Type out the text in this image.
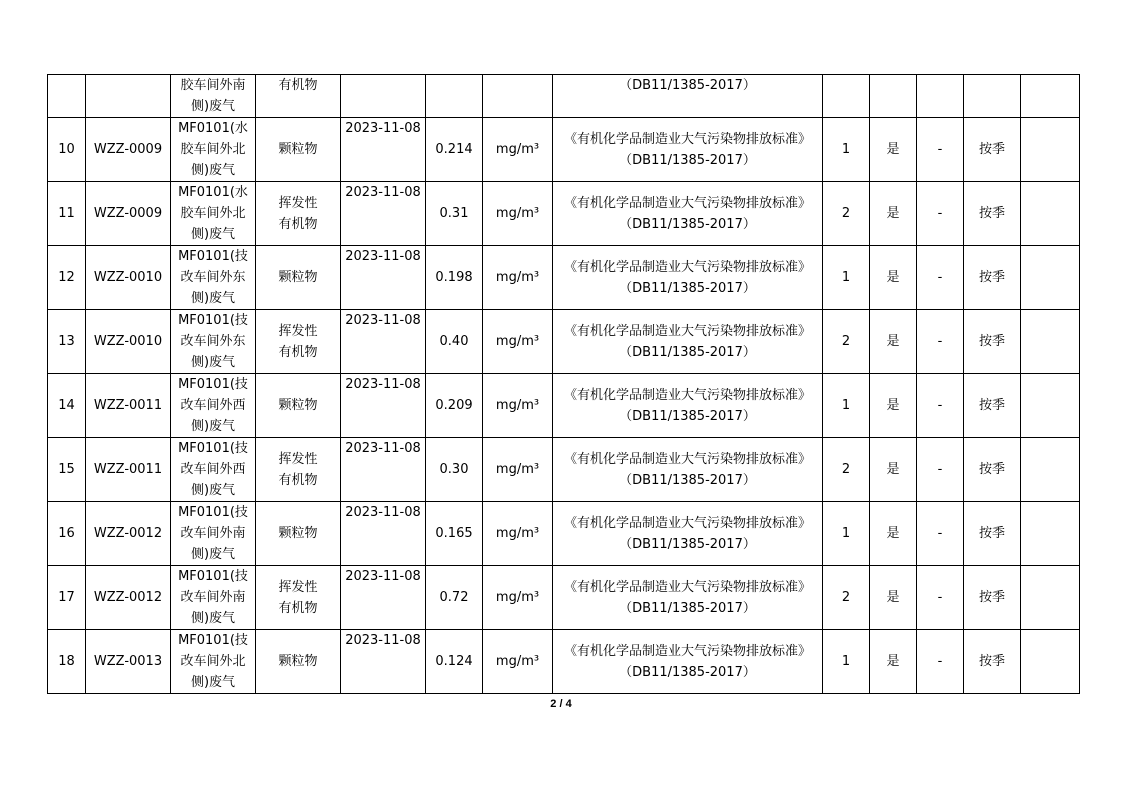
		胶车间外南侧)废气	有机物				（DB11/1385-2017）					

10	WZZ-0009	MF0101(水胶车间外北侧)废气	颗粒物	2023-11-08	0.214	mg/m³	《有机化学品制造业大气污染物排放标准》
（DB11/1385-2017）	1	是	-	按季	
11	WZZ-0009	MF0101(水胶车间外北侧)废气	挥发性有机物	2023-11-08	0.31	mg/m³	《有机化学品制造业大气污染物排放标准》
（DB11/1385-2017）	2	是	-	按季	
12	WZZ-0010	MF0101(技改车间外东侧)废气	颗粒物	2023-11-08	0.198	mg/m³	《有机化学品制造业大气污染物排放标准》
（DB11/1385-2017）	1	是	-	按季	
13	WZZ-0010	MF0101(技改车间外东侧)废气	挥发性有机物	2023-11-08	0.40	mg/m³	《有机化学品制造业大气污染物排放标准》
（DB11/1385-2017）	2	是	-	按季	
14	WZZ-0011	MF0101(技改车间外西侧)废气	颗粒物	2023-11-08	0.209	mg/m³	《有机化学品制造业大气污染物排放标准》
（DB11/1385-2017）	1	是	-	按季	
15	WZZ-0011	MF0101(技改车间外西侧)废气	挥发性有机物	2023-11-08	0.30	mg/m³	《有机化学品制造业大气污染物排放标准》
（DB11/1385-2017）	2	是	-	按季	
16	WZZ-0012	MF0101(技改车间外南侧)废气	颗粒物	2023-11-08	0.165	mg/m³	《有机化学品制造业大气污染物排放标准》
（DB11/1385-2017）	1	是	-	按季	
17	WZZ-0012	MF0101(技改车间外南侧)废气	挥发性有机物	2023-11-08	0.72	mg/m³	《有机化学品制造业大气污染物排放标准》
（DB11/1385-2017）	2	是	-	按季	
18	WZZ-0013	MF0101(技改车间外北侧)废气	颗粒物	2023-11-08	0.124	mg/m³	《有机化学品制造业大气污染物排放标准》
（DB11/1385-2017）	1	是	-	按季	
2 / 4
